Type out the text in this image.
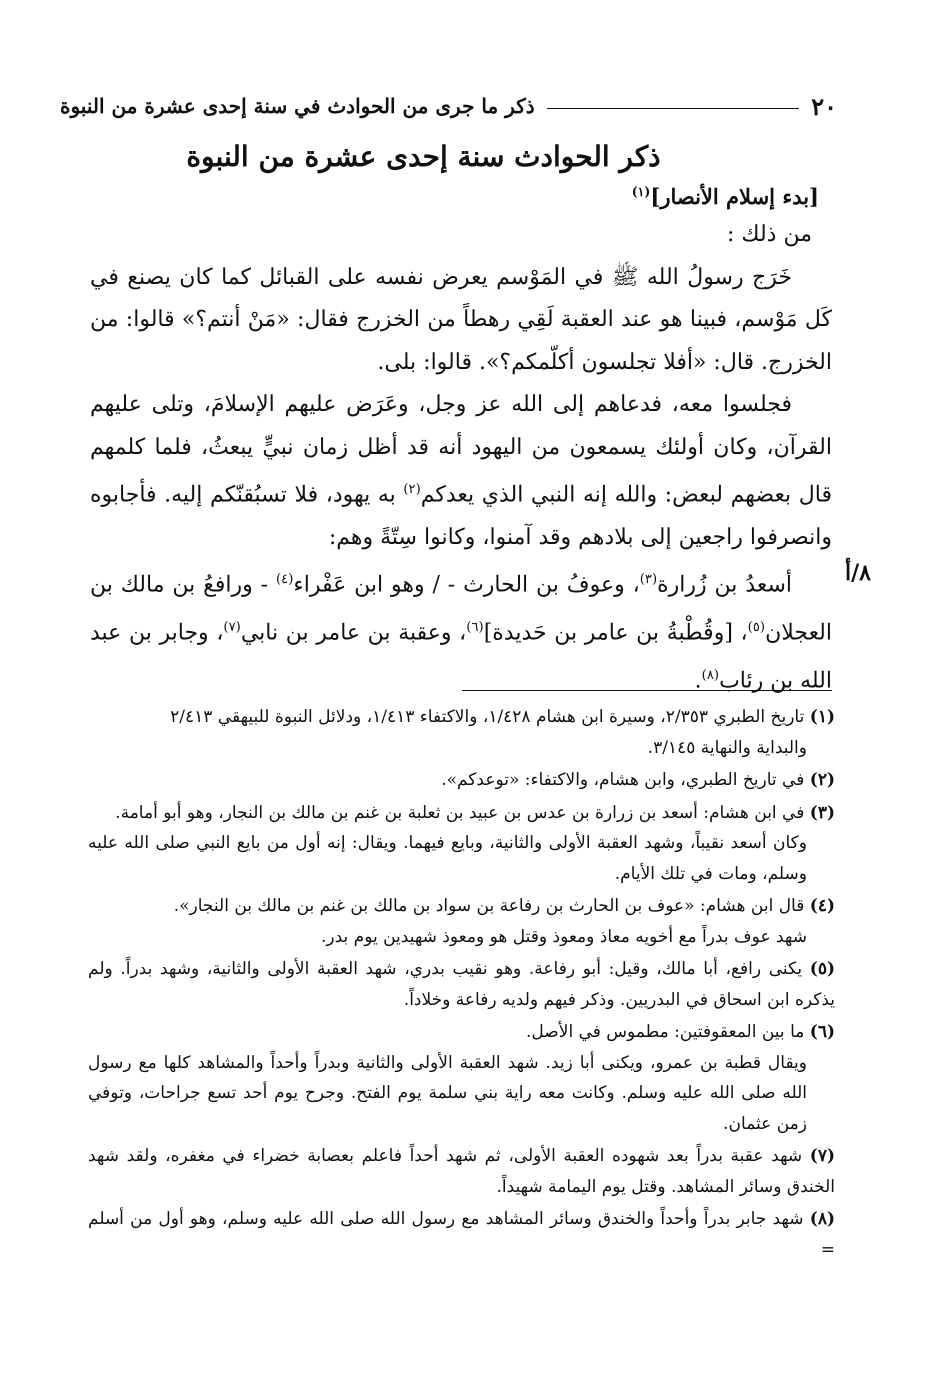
٢٠
ذكر ما جرى من الحوادث في سنة إحدى عشرة من النبوة
ذكر الحوادث سنة إحدى عشرة من النبوة
[بدء إسلام الأنصار]$^{(١)}$
٨/أ

من ذلك :

خَرَج رسولُ الله ﷺ في المَوْسم يعرض نفسه على القبائل كما كان يصنع في كَل مَوْسم، فبينا هو عند العقبة لَقِي رهطاً من الخزرج فقال: «مَنْ أنتم؟» قالوا: من الخزرج. قال: «أفلا تجلسون أكلّمكم؟». قالوا: بلى.

فجلسوا معه، فدعاهم إلى الله عز وجل، وعَرَض عليهم الإسلامَ، وتلى عليهم القرآن، وكان أولئك يسمعون من اليهود أنه قد أظل زمان نبيٍّ يبعثُ، فلما كلمهم قال بعضهم لبعض: والله إنه النبي الذي يعدكم$^{(٢)}$ به يهود، فلا تسبُقنّكم إليه. فأجابوه وانصرفوا راجعين إلى بلادهم وقد آمنوا، وكانوا سِتّةً وهم:

أسعدُ بن زُرارة$^{(٣)}$، وعوفُ بن الحارث - / وهو ابن عَفْراء$^{(٤)}$ - ورافعُ بن مالك بن العجلان$^{(٥)}$، [وقُطْبةُ بن عامر بن حَديدة]$^{(٦)}$، وعقبة بن عامر بن نابي$^{(٧)}$، وجابر بن عبد الله بن رئاب$^{(٨)}$.

(١) تاريخ الطبري ٢/٣٥٣، وسيرة ابن هشام ١/٤٢٨، والاكتفاء ١/٤١٣، ودلائل النبوة للبيهقي ٢/٤١٣
والبداية والنهاية ٣/١٤٥.
(٢) في تاريخ الطبري، وابن هشام، والاكتفاء: «توعدكم».
(٣) في ابن هشام: أسعد بن زرارة بن عدس بن عبيد بن ثعلبة بن غنم بن مالك بن النجار، وهو أبو أمامة.
وكان أسعد نقيباً، وشهد العقبة الأولى والثانية، وبايع فيهما. ويقال: إنه أول من بايع النبي صلى الله عليه وسلم، ومات في تلك الأيام.
(٤) قال ابن هشام: «عوف بن الحارث بن رفاعة بن سواد بن مالك بن غنم بن مالك بن النجار».
شهد عوف بدراً مع أخويه معاذ ومعوذ وقتل هو ومعوذ شهيدين يوم بدر.
(٥) يكنى رافع، أبا مالك، وقيل: أبو رفاعة. وهو نقيب بدري، شهد العقبة الأولى والثانية، وشهد بدراً. ولم يذكره ابن اسحاق في البدريين. وذكر فيهم ولديه رفاعة وخلاداً.
(٦) ما بين المعقوفتين: مطموس في الأصل.
ويقال قطبة بن عمرو، ويكنى أبا زيد. شهد العقبة الأولى والثانية وبدراً وأحداً والمشاهد كلها مع رسول الله صلى الله عليه وسلم. وكانت معه راية بني سلمة يوم الفتح. وجرح يوم أحد تسع جراحات، وتوفي زمن عثمان.
(٧) شهد عقبة بدراً بعد شهوده العقبة الأولى، ثم شهد أحداً فاعلم بعصابة خضراء في مغفره، ولقد شهد الخندق وسائر المشاهد. وقتل يوم اليمامة شهيداً.
(٨) شهد جابر بدراً وأحداً والخندق وسائر المشاهد مع رسول الله صلى الله عليه وسلم، وهو أول من أسلم =
